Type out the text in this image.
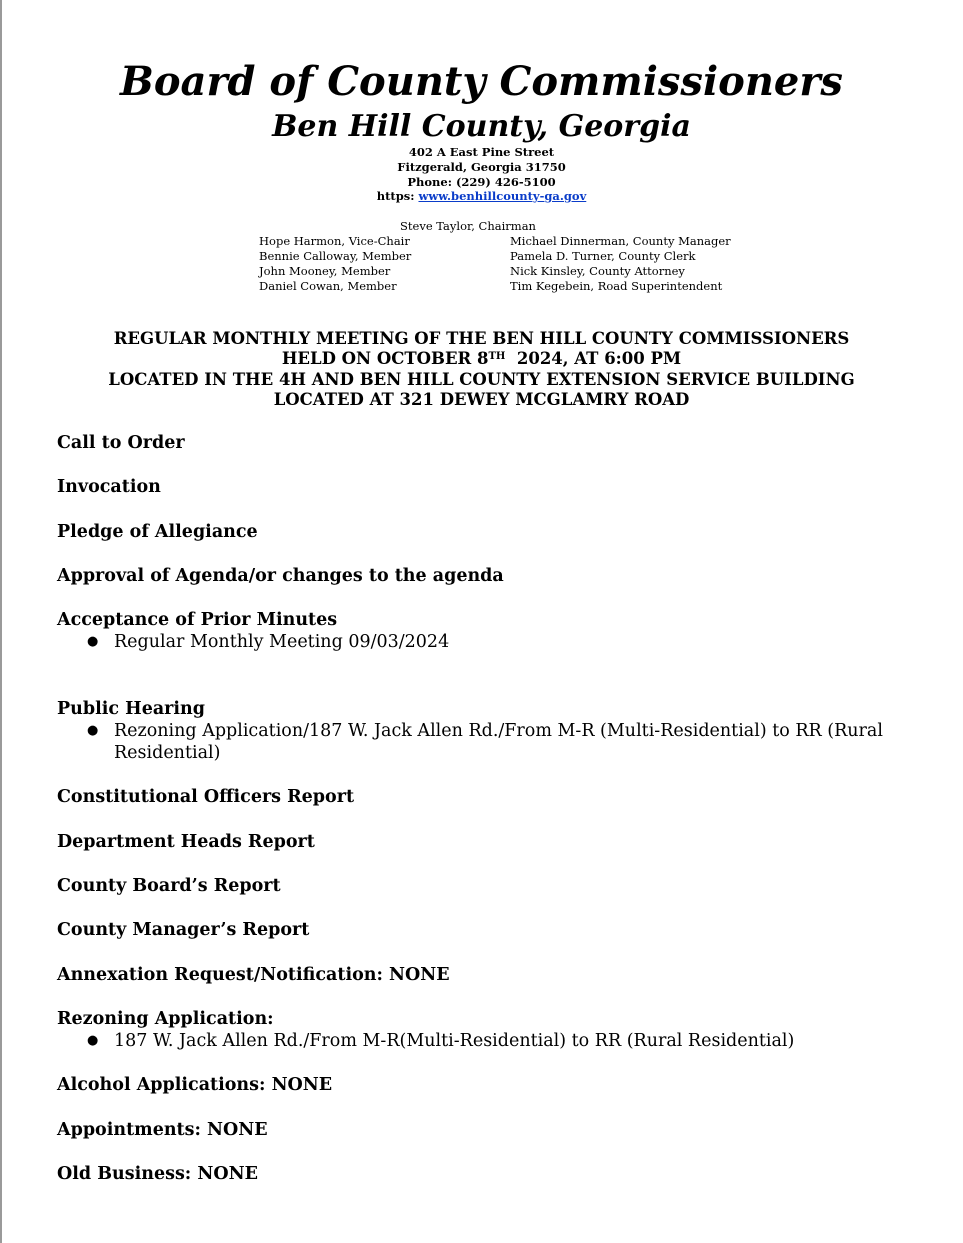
Board of County Commissioners
Ben Hill County, Georgia
402 A East Pine Street
Fitzgerald, Georgia 31750
Phone: (229) 426-5100
https: www.benhillcounty-ga.gov
Steve Taylor, Chairman
Hope Harmon, Vice-Chair
Bennie Calloway, Member
John Mooney, Member
Daniel Cowan, Member
Michael Dinnerman, County Manager
Pamela D. Turner, County Clerk
Nick Kinsley, County Attorney
Tim Kegebein, Road Superintendent
REGULAR MONTHLY MEETING OF THE BEN HILL COUNTY COMMISSIONERS
HELD ON OCTOBER 8TH  2024, AT 6:00 PM
LOCATED IN THE 4H AND BEN HILL COUNTY EXTENSION SERVICE BUILDING
LOCATED AT 321 DEWEY MCGLAMRY ROAD
Call to Order
Invocation
Pledge of Allegiance
Approval of Agenda/or changes to the agenda
Acceptance of Prior Minutes
● Regular Monthly Meeting 09/03/2024
Public Hearing
● Rezoning Application/187 W. Jack Allen Rd./From M-R (Multi-Residential) to RR (Rural Residential)
Constitutional Officers Report
Department Heads Report
County Board’s Report
County Manager’s Report
Annexation Request/Notification: NONE
Rezoning Application:
● 187 W. Jack Allen Rd./From M-R(Multi-Residential) to RR (Rural Residential)
Alcohol Applications: NONE
Appointments: NONE
Old Business: NONE
